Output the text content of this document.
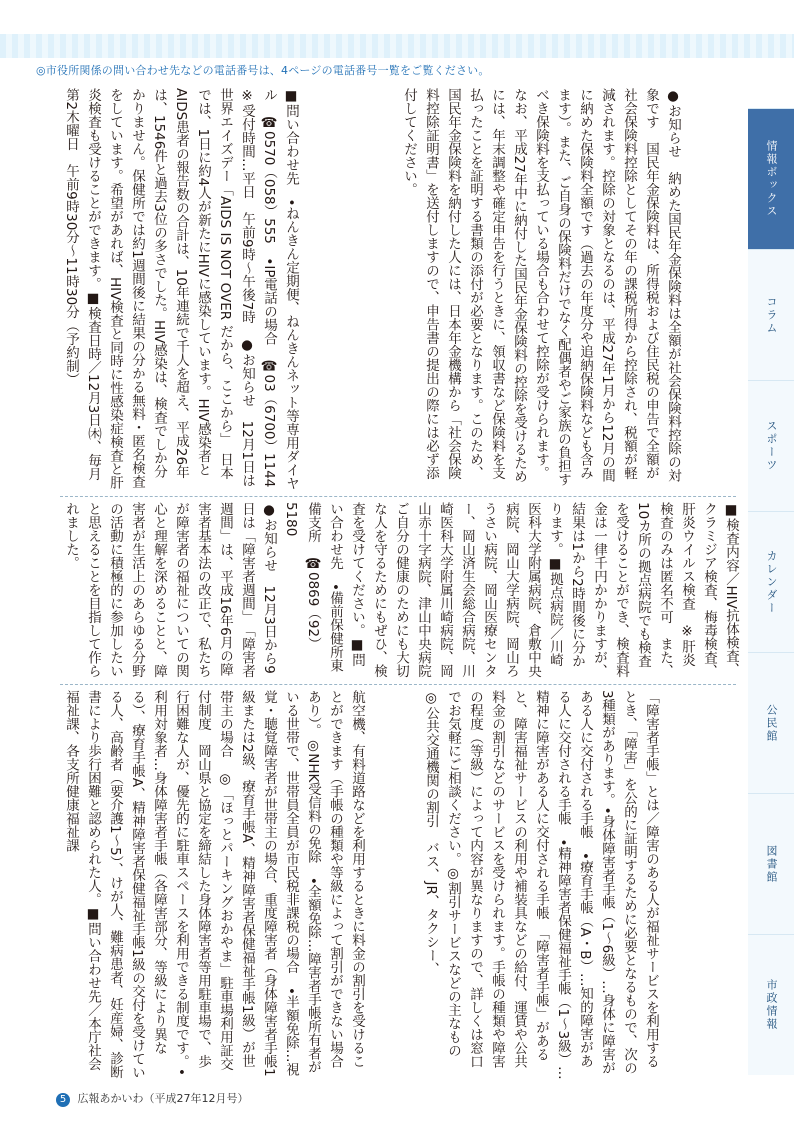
◎市役所関係の問い合わせ先などの電話番号は、4ページの電話番号一覧をご覧ください。
情報ボックス
コラム
スポーツ
カレンダー
公民館
図書館
市政情報
●お知らせ　納めた国民年金保険料は全額が社会保険料控除の対象です　国民年金保険料は、所得税および住民税の申告で全額が社会保険料控除としてその年の課税所得から控除され、税額が軽減されます。控除の対象となるのは、平成27年1月から12月の間に納めた保険料全額です（過去の年度分や追納保険料なども含みます）。また、ご自身の保険料だけでなく配偶者やご家族の負担すべき保険料を支払っている場合も合わせて控除が受けられます。なお、平成27年中に納付した国民年金保険料の控除を受けるためには、年末調整や確定申告を行うときに、領収書など保険料を支払ったことを証明する書類の添付が必要となります。このため、国民年金保険料を納付した人には、日本年金機構から「社会保険料控除証明書」を送付しますので、申告書の提出の際には必ず添付してください。
■問い合わせ先　•ねんきん定期便、ねんきんネット等専用ダイヤル　☎0570（058）555　•IP電話の場合　☎03（6700）1144　※受付時間…平日　午前9時〜午後7時　●お知らせ　12月1日は世界エイズデー「AIDS IS NOT OVER だから、ここから」　日本では、1日に約4人が新たにHIVに感染しています。HIV感染者とAIDS患者の報告数の合計は、10年連続で千人を超え、平成26年は、1546件と過去3位の多さでした。HIV感染は、検査でしか分かりません。保健所では約1週間後に結果の分かる無料・匿名検査をしています。希望があれば、HIV検査と同時に性感染症検査と肝炎検査も受けることができます。■検査日時／12月3日㈭、毎月第2木曜日　午前9時30分〜11時30分（予約制）
■検査内容／HIV抗体検査、クラミジア検査、梅毒検査、肝炎ウイルス検査　※肝炎検査のみは匿名不可　また、10カ所の拠点病院でも検査を受けることができ、検査料金は一律千円かかりますが、結果は1から2時間後に分かります。■拠点病院／川崎医科大学附属病院、倉敷中央病院、岡山大学病院、岡山ろうさい病院、岡山医療センター、岡山済生会総合病院、川崎医科大学附属川崎病院、岡山赤十字病院、津山中央病院　ご自分の健康のためにも大切な人を守るためにもぜひ、検査を受けてください。■問い合わせ先　•備前保健所東備支所　☎0869（92）5180
●お知らせ　12月3日から9日は「障害者週間」　「障害者週間」は、平成16年6月の障害者基本法の改正で、私たちが障害者の福祉についての関心と理解を深めることと、障害者が生活上のあらゆる分野の活動に積極的に参加したいと思えることを目指して作られました。
「障害者手帳」とは／障害のある人が福祉サービスを利用するとき、「障害」を公的に証明するために必要となるもので、次の3種類があります。•身体障害者手帳（1〜6級）…身体に障害がある人に交付される手帳　•療育手帳（A・B）…知的障害がある人に交付される手帳　•精神障害者保健福祉手帳（1〜3級）…精神に障害がある人に交付される手帳　「障害者手帳」があると、障害福祉サービスの利用や補装具などの給付、運賃や公共料金の割引などのサービスを受けられます。手帳の種類や障害の程度（等級）によって内容が異なりますので、詳しくは窓口でお気軽にご相談ください。◎割引サービスなどの主なもの　◎公共交通機関の割引　バス、JR、タクシー、
航空機、有料道路などを利用するときに料金の割引を受けることができます（手帳の種類や等級によって割引ができない場合あり）。◎NHK受信料の免除　•全額免除…障害者手帳所有者がいる世帯で、世帯員全員が市民税非課税の場合　•半額免除…視覚・聴覚障害者が世帯主の場合、重度障害者（身体障害者手帳1級または2級、療育手帳A、精神障害者保健福祉手帳1級）が世帯主の場合　◎「ほっとパーキングおかやま」駐車場利用証交付制度　岡山県と協定を締結した身体障害者等用駐車場で、歩行困難な人が、優先的に駐車スペースを利用できる制度です。•利用対象者…身体障害者手帳（各障害部分、等級により異なる）、療育手帳A、精神障害者保健福祉手帳1級の交付を受けている人、高齢者（要介護1〜5）、けが人、難病患者、妊産婦、診断書により歩行困難と認められた人。■問い合わせ先／本庁社会福祉課、各支所健康福祉課
5 広報あかいわ（平成27年12月号）
